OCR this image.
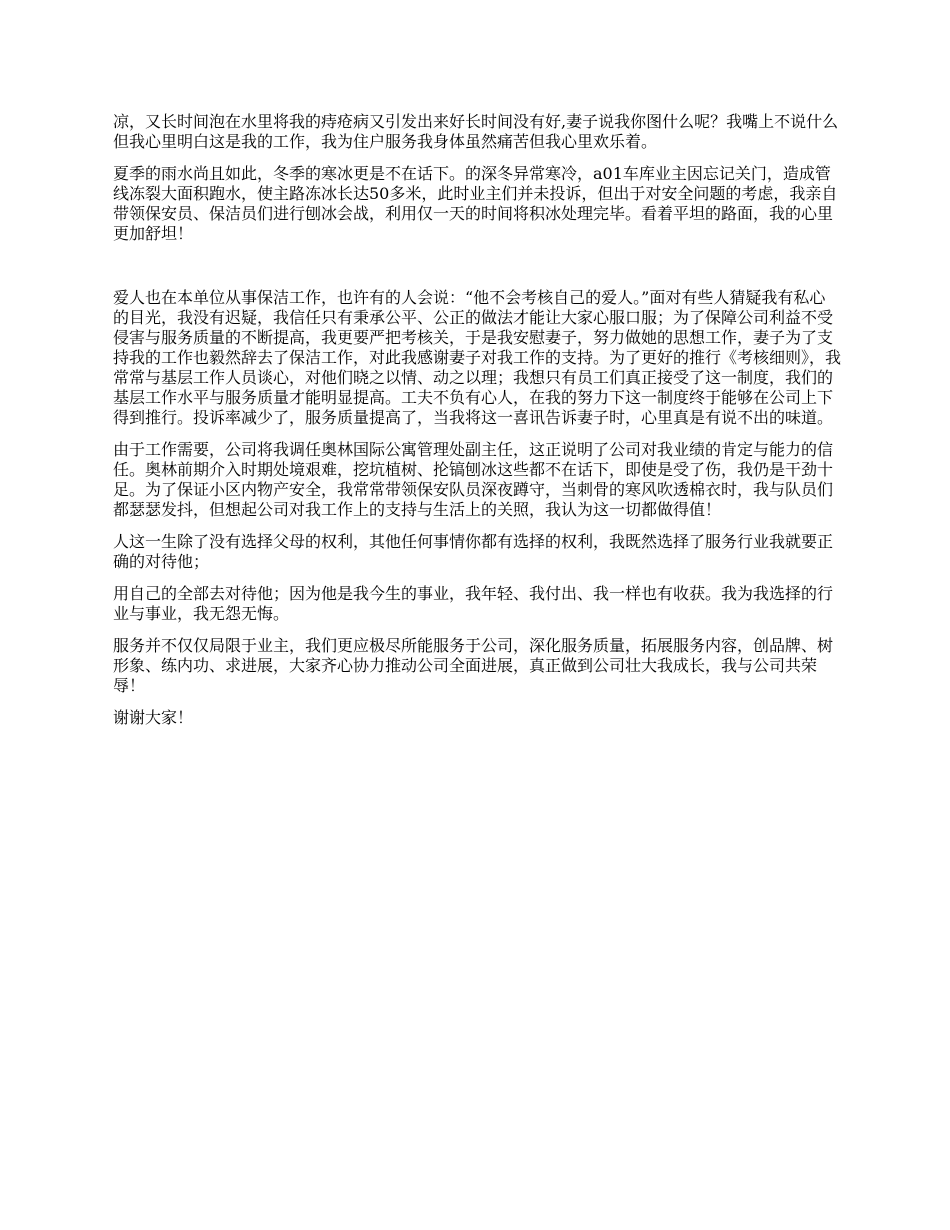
凉，又长时间泡在水里将我的痔疮病又引发出来好长时间没有好,妻子说我你图什么呢？我嘴上不说什么但我心里明白这是我的工作，我为住户服务我身体虽然痛苦但我心里欢乐着。

夏季的雨水尚且如此，冬季的寒冰更是不在话下。的深冬异常寒冷，a01车库业主因忘记关门，造成管线冻裂大面积跑水，使主路冻冰长达50多米，此时业主们并未投诉，但出于对安全问题的考虑，我亲自带领保安员、保洁员们进行刨冰会战，利用仅一天的时间将积冰处理完毕。看着平坦的路面，我的心里更加舒坦！

爱人也在本单位从事保洁工作，也许有的人会说：“他不会考核自己的爱人。”面对有些人猜疑我有私心的目光，我没有迟疑，我信任只有秉承公平、公正的做法才能让大家心服口服；为了保障公司利益不受侵害与服务质量的不断提高，我更要严把考核关，于是我安慰妻子，努力做她的思想工作，妻子为了支持我的工作也毅然辞去了保洁工作，对此我感谢妻子对我工作的支持。为了更好的推行《考核细则》，我常常与基层工作人员谈心，对他们晓之以情、动之以理；我想只有员工们真正接受了这一制度，我们的基层工作水平与服务质量才能明显提高。工夫不负有心人，在我的努力下这一制度终于能够在公司上下得到推行。投诉率减少了，服务质量提高了，当我将这一喜讯告诉妻子时，心里真是有说不出的味道。

由于工作需要，公司将我调任奥林国际公寓管理处副主任，这正说明了公司对我业绩的肯定与能力的信任。奥林前期介入时期处境艰难，挖坑植树、抡镐刨冰这些都不在话下，即使是受了伤，我仍是干劲十足。为了保证小区内物产安全，我常常带领保安队员深夜蹲守，当刺骨的寒风吹透棉衣时，我与队员们都瑟瑟发抖，但想起公司对我工作上的支持与生活上的关照，我认为这一切都做得值！

人这一生除了没有选择父母的权利，其他任何事情你都有选择的权利，我既然选择了服务行业我就要正确的对待他；

用自己的全部去对待他；因为他是我今生的事业，我年轻、我付出、我一样也有收获。我为我选择的行业与事业，我无怨无悔。

服务并不仅仅局限于业主，我们更应极尽所能服务于公司，深化服务质量，拓展服务内容，创品牌、树形象、练内功、求进展，大家齐心协力推动公司全面进展，真正做到公司壮大我成长，我与公司共荣辱！

谢谢大家！
